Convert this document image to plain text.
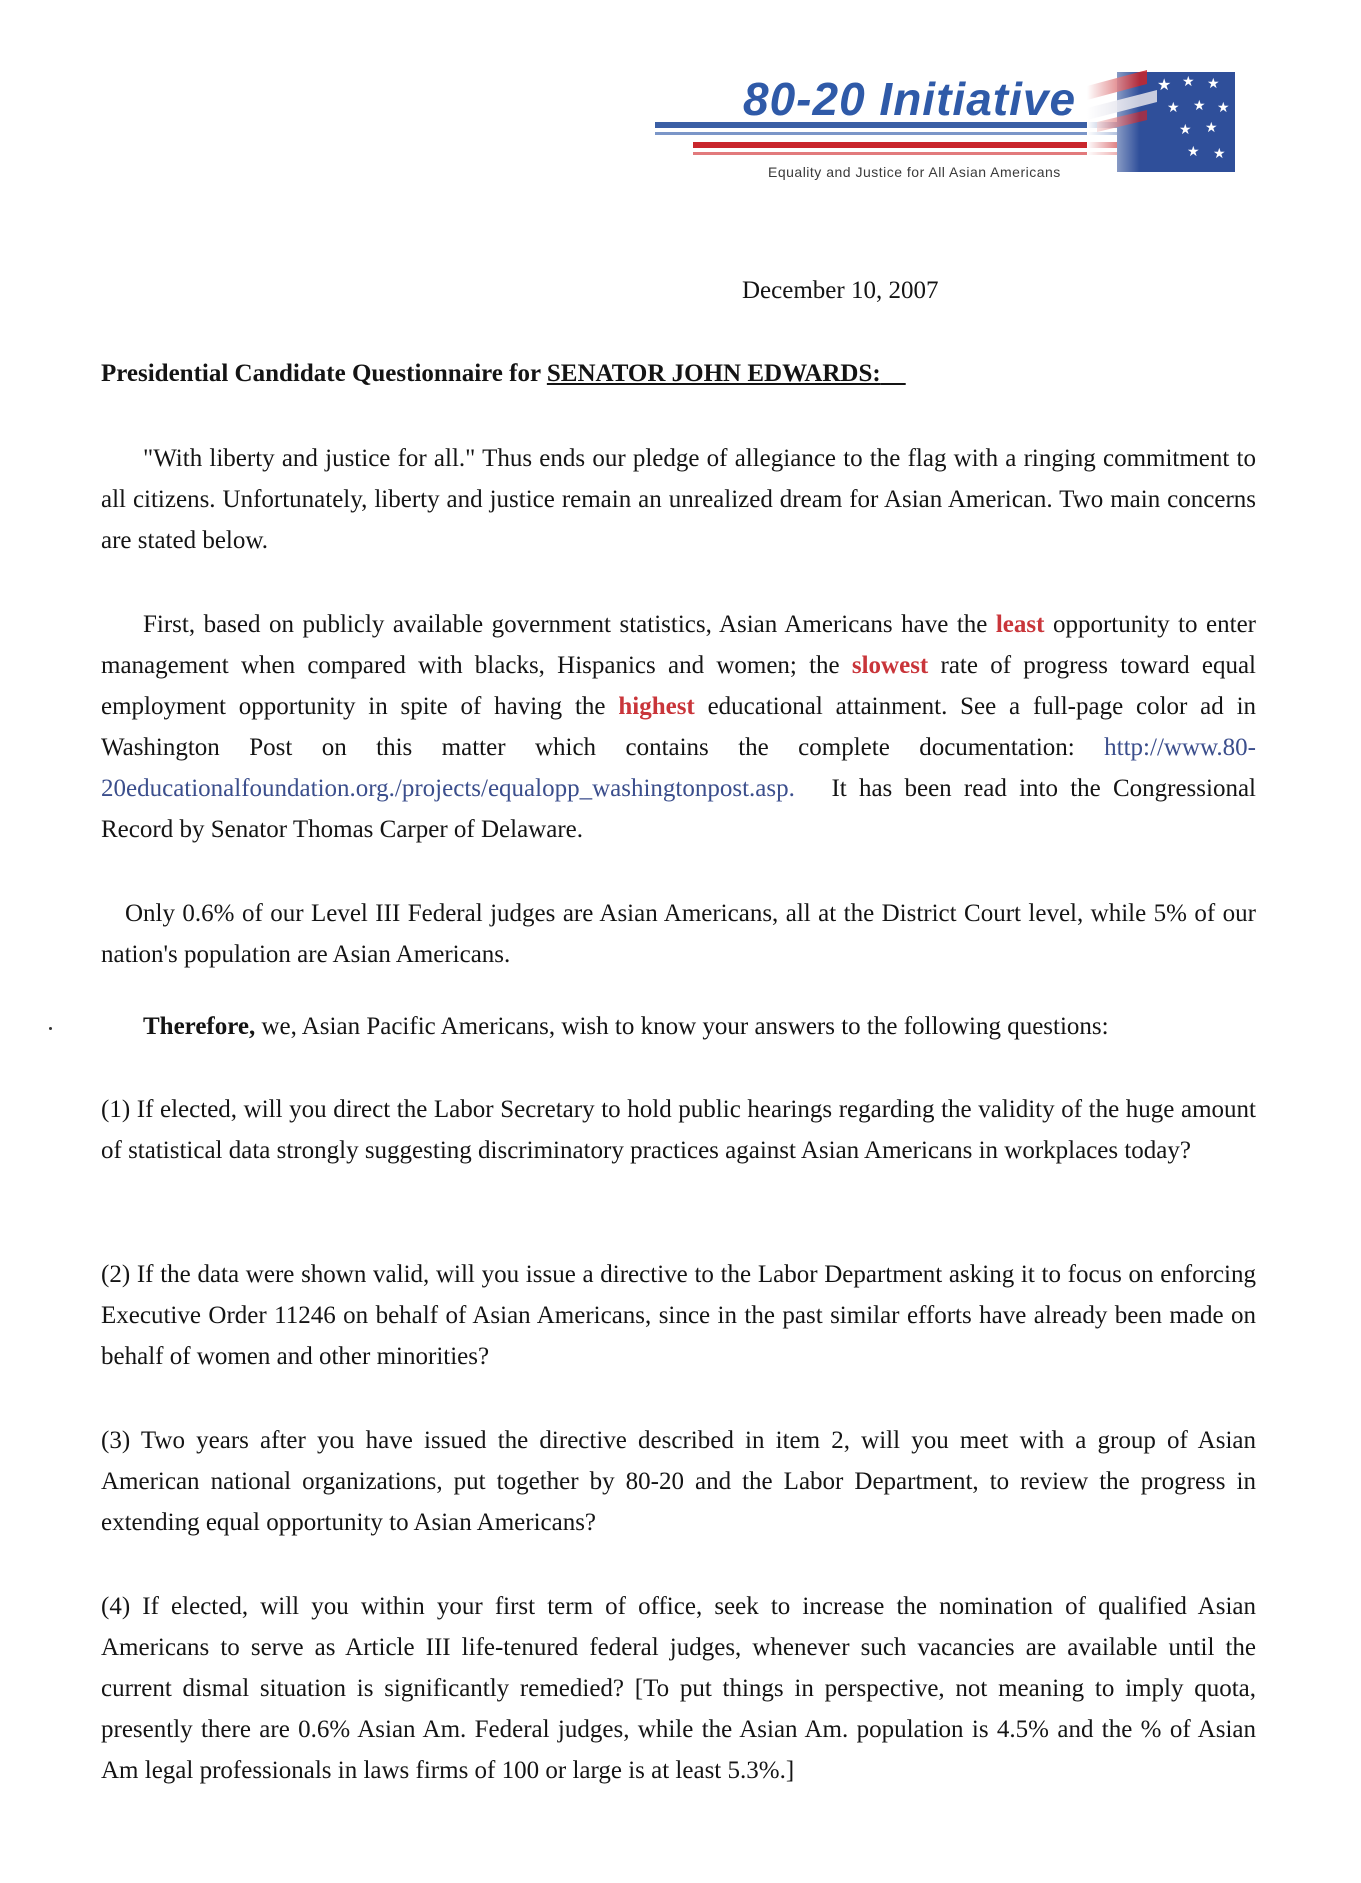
80-20 Initiative
Equality and Justice for All Asian Americans
December 10, 2007
Presidential Candidate Questionnaire for SENATOR JOHN EDWARDS:
"With liberty and justice for all." Thus ends our pledge of allegiance to the flag with a ringing commitment to all citizens. Unfortunately, liberty and justice remain an unrealized dream for Asian American. Two main concerns are stated below.
First, based on publicly available government statistics, Asian Americans have the least opportunity to enter management when compared with blacks, Hispanics and women; the slowest rate of progress toward equal employment opportunity in spite of having the highest educational attainment. See a full-page color ad in Washington Post on this matter which contains the complete documentation: http://www.80-20educationalfoundation.org./projects/equalopp_washingtonpost.asp. It has been read into the Congressional Record by Senator Thomas Carper of Delaware.
Only 0.6% of our Level III Federal judges are Asian Americans, all at the District Court level, while 5% of our nation's population are Asian Americans.
Therefore, we, Asian Pacific Americans, wish to know your answers to the following questions:
(1) If elected, will you direct the Labor Secretary to hold public hearings regarding the validity of the huge amount of statistical data strongly suggesting discriminatory practices against Asian Americans in workplaces today?
(2) If the data were shown valid, will you issue a directive to the Labor Department asking it to focus on enforcing Executive Order 11246 on behalf of Asian Americans, since in the past similar efforts have already been made on behalf of women and other minorities?
(3) Two years after you have issued the directive described in item 2, will you meet with a group of Asian American national organizations, put together by 80-20 and the Labor Department, to review the progress in extending equal opportunity to Asian Americans?
(4) If elected, will you within your first term of office, seek to increase the nomination of qualified Asian Americans to serve as Article III life-tenured federal judges, whenever such vacancies are available until the current dismal situation is significantly remedied? [To put things in perspective, not meaning to imply quota, presently there are 0.6% Asian Am. Federal judges, while the Asian Am. population is 4.5% and the % of Asian Am legal professionals in laws firms of 100 or large is at least 5.3%.]
